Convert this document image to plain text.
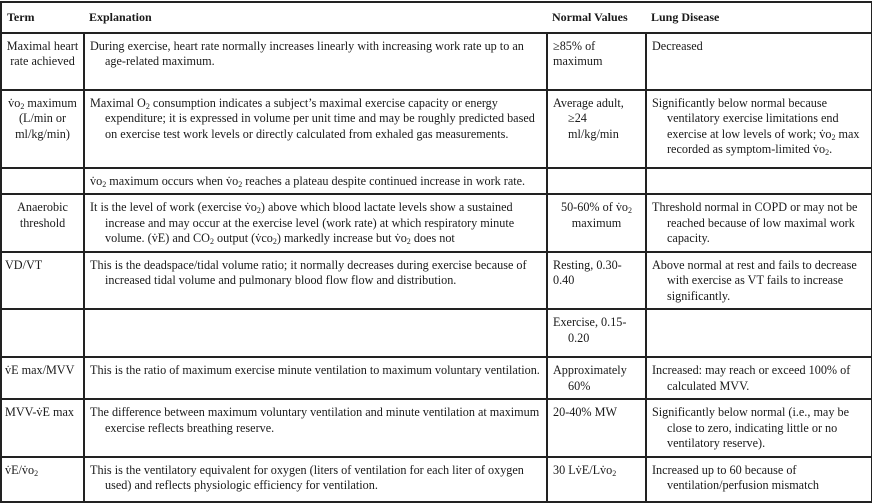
Term	Explanation	Normal Values	Lung Disease
Maximal heart rate achieved	During exercise, heart rate normally increases linearly with increasing work rate up to an age-related maximum.	≥85% of maximum	Decreased
$v̇o_2$ maximum (L/min or ml/kg/min)	Maximal $O_2$ consumption indicates a subject’s maximal exercise capacity or energy expenditure; it is expressed in volume per unit time and may be roughly predicted based on exercise test work levels or directly calculated from exhaled gas measurements.	Average adult, ≥24 ml/kg/min	Significantly below normal because ventilatory exercise limitations end exercise at low levels of work; $v̇o_2$ max recorded as symptom-limited $v̇o_2$.
	$v̇o_2$ maximum occurs when $v̇o_2$ reaches a plateau despite continued increase in work rate.		
Anaerobic threshold	It is the level of work (exercise $v̇o_2$) above which blood lactate levels show a sustained increase and may occur at the exercise level (work rate) at which respiratory minute volume. (v̇E) and $CO_2$ output $(v̇co_2)$ markedly increase but $v̇o_2$ does not	50-60% of $v̇o_2$ maximum	Threshold normal in COPD or may not be reached because of low maximal work capacity.
VD/VT	This is the deadspace/tidal volume ratio; it normally decreases during exercise because of increased tidal volume and pulmonary blood flow flow and distribution.	Resting, 0.30-0.40	Above normal at rest and fails to decrease with exercise as VT fails to increase significantly.
		Exercise, 0.15-0.20	
v̇E max/MVV	This is the ratio of maximum exercise minute ventilation to maximum voluntary ventilation.	Approximately 60%	Increased: may reach or exceed 100% of calculated MVV.
MVV-v̇E max	The difference between maximum voluntary ventilation and minute ventilation at maximum exercise reflects breathing reserve.	20-40% MW	Significantly below normal (i.e., may be close to zero, indicating little or no ventilatory reserve).
$v̇E/v̇o_2$	This is the ventilatory equivalent for oxygen (liters of ventilation for each liter of oxygen used) and reflects physiologic efficiency for ventilation.	30 $Lv̇E/Lv̇o_2$	Increased up to 60 because of ventilation/perfusion mismatch
